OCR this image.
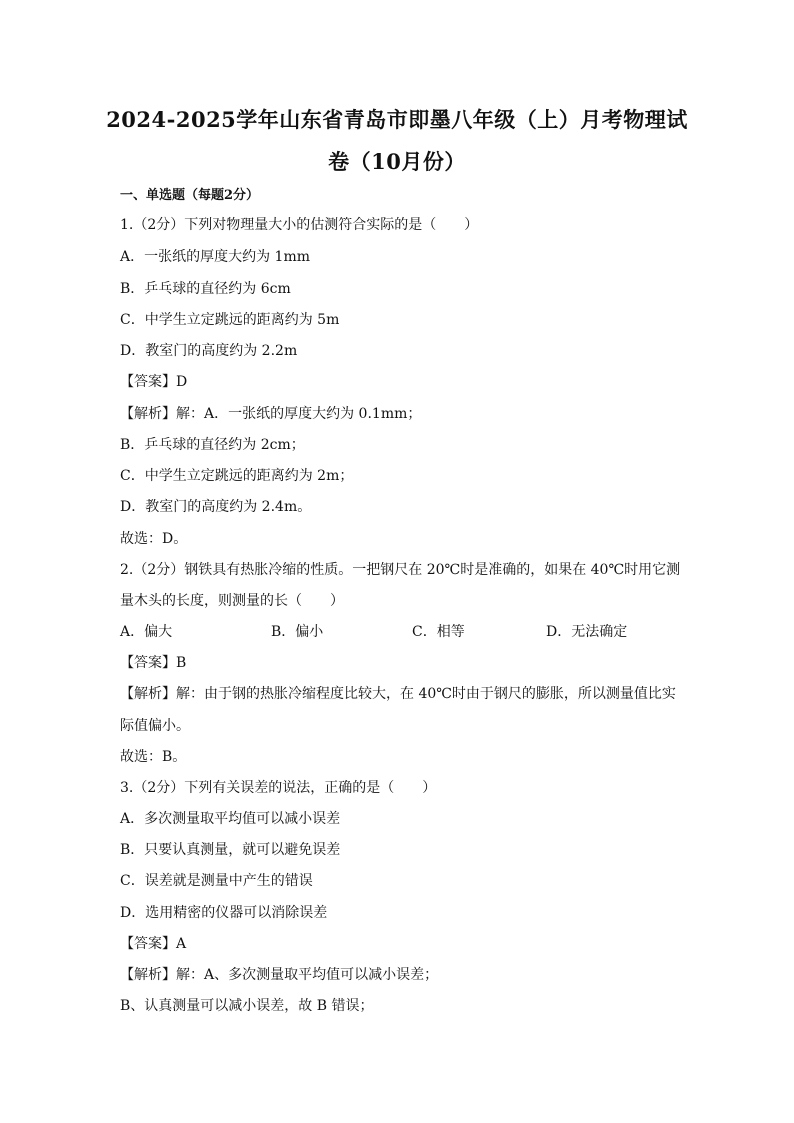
2024-2025学年山东省青岛市即墨八年级（上）月考物理试
卷（10月份）
一、单选题（每题2分）
1.（2分）下列对物理量大小的估测符合实际的是（　　）
A．一张纸的厚度大约为 1mm
B．乒乓球的直径约为 6cm
C．中学生立定跳远的距离约为 5m
D．教室门的高度约为 2.2m
【答案】D
【解析】解：A．一张纸的厚度大约为 0.1mm；
B．乒乓球的直径约为 2cm；
C．中学生立定跳远的距离约为 2m；
D．教室门的高度约为 2.4m。
故选：D。
2.（2分）钢铁具有热胀冷缩的性质。一把钢尺在 20℃时是准确的，如果在 40℃时用它测
量木头的长度，则测量的长（　　）
A．偏大	B．偏小	C．相等	D．无法确定
【答案】B
【解析】解：由于钢的热胀冷缩程度比较大，在 40℃时由于钢尺的膨胀，所以测量值比实
际值偏小。
故选：B。
3.（2分）下列有关误差的说法，正确的是（　　）
A．多次测量取平均值可以减小误差
B．只要认真测量，就可以避免误差
C．误差就是测量中产生的错误
D．选用精密的仪器可以消除误差
【答案】A
【解析】解：A、多次测量取平均值可以减小误差；
B、认真测量可以减小误差，故 B 错误；
